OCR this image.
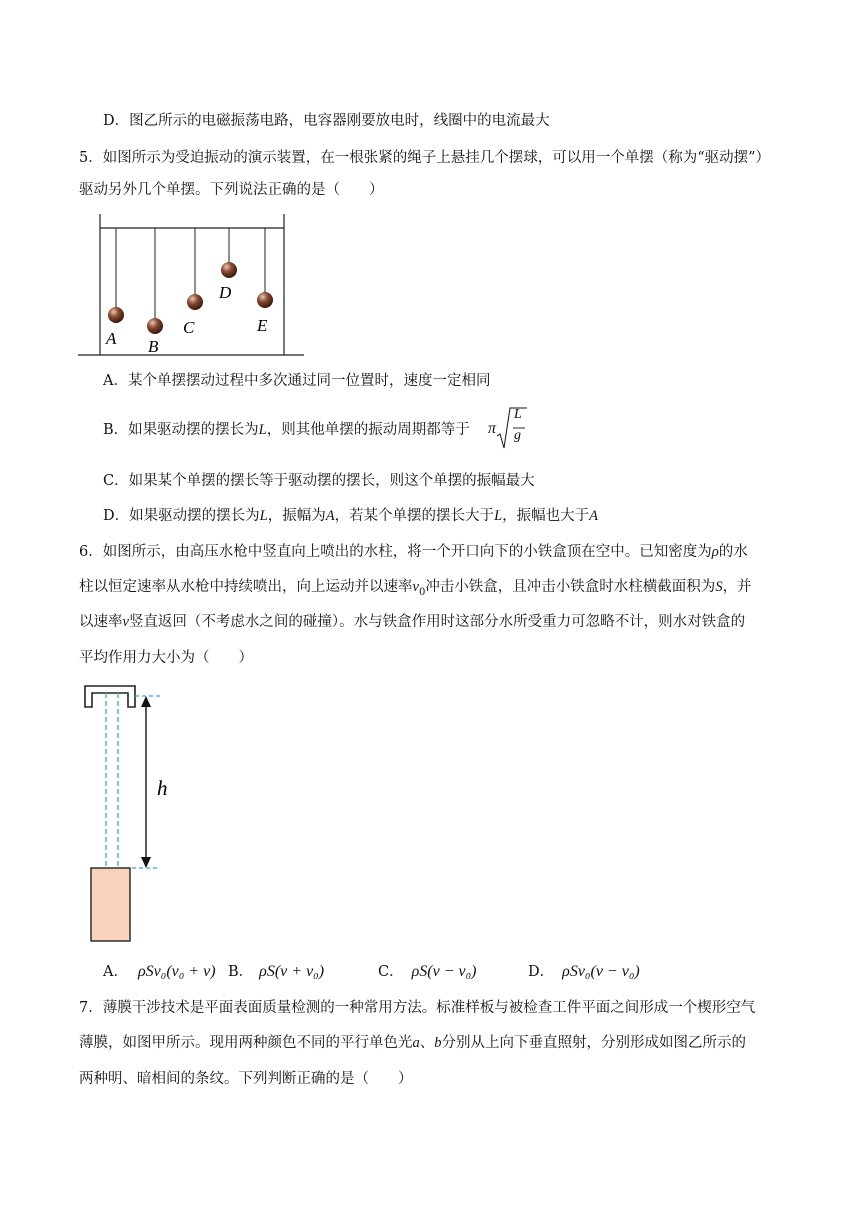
D．图乙所示的电磁振荡电路，电容器刚要放电时，线圈中的电流最大
5．如图所示为受迫振动的演示装置，在一根张紧的绳子上悬挂几个摆球，可以用一个单摆（称为“驱动摆”）
驱动另外几个单摆。下列说法正确的是（　　）
A B
C
D
E
A．某个单摆摆动过程中多次通过同一位置时，速度一定相同
B．如果驱动摆的摆长为L，则其他单摆的振动周期都等于 π
L
g
C．如果某个单摆的摆长等于驱动摆的摆长，则这个单摆的振幅最大
D．如果驱动摆的摆长为L，振幅为A，若某个单摆的摆长大于L，振幅也大于A
6．如图所示，由高压水枪中竖直向上喷出的水柱，将一个开口向下的小铁盒顶在空中。已知密度为ρ的水
柱以恒定速率从水枪中持续喷出，向上运动并以速率$v_0$冲击小铁盒，且冲击小铁盒时水柱横截面积为S，并
以速率v竖直返回（不考虑水之间的碰撞）。水与铁盒作用时这部分水所受重力可忽略不计，则水对铁盒的
平均作用力大小为（　　）
h
A． ρSv₀(v₀ + v) B． ρS(v + v₀)	C． ρS(v − v₀)	D． ρSv₀(v − v₀)
7．薄膜干涉技术是平面表面质量检测的一种常用方法。标准样板与被检查工件平面之间形成一个楔形空气
薄膜，如图甲所示。现用两种颜色不同的平行单色光a、b分别从上向下垂直照射，分别形成如图乙所示的
两种明、暗相间的条纹。下列判断正确的是（　　）
